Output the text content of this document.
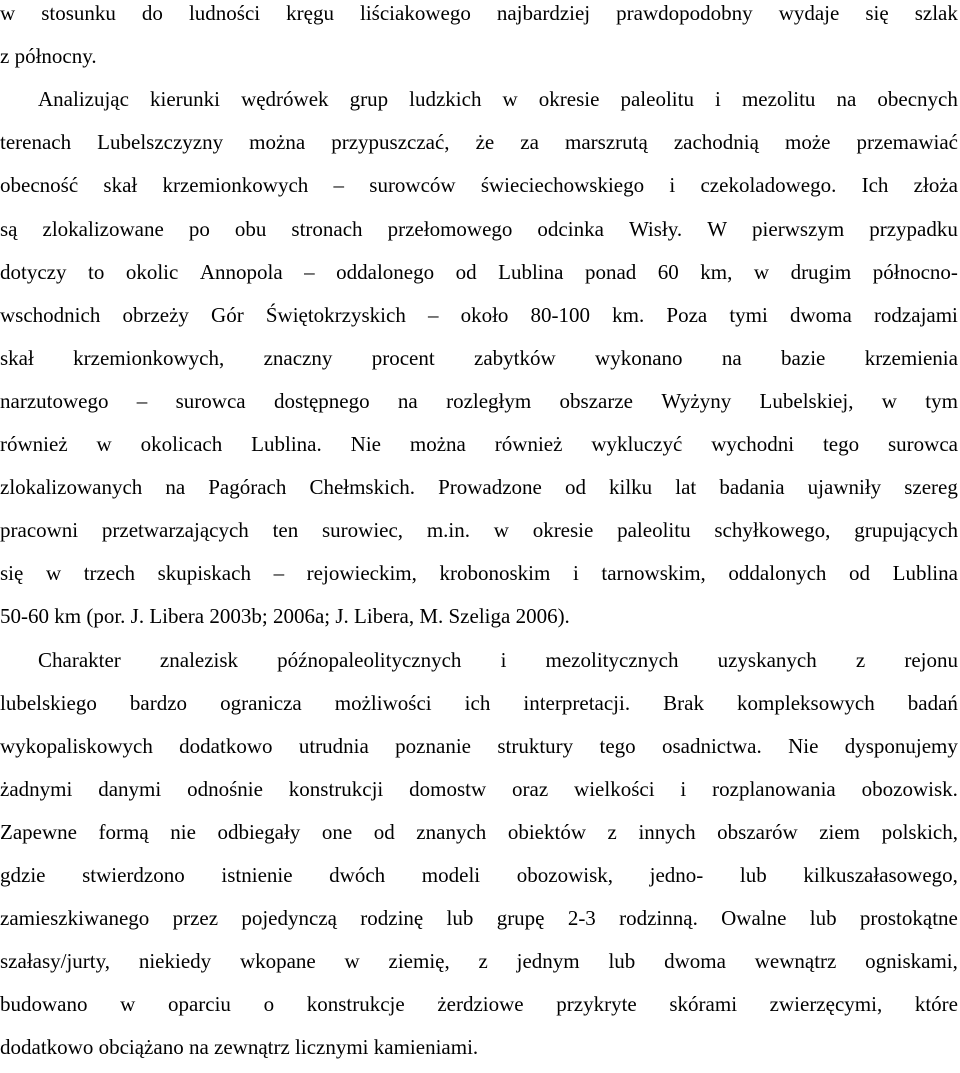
w stosunku do ludności kręgu liściakowego najbardziej prawdopodobny wydaje się szlak
z północny.
Analizując kierunki wędrówek grup ludzkich w okresie paleolitu i mezolitu na obecnych
terenach Lubelszczyzny można przypuszczać, że za marszrutą zachodnią może przemawiać
obecność skał krzemionkowych – surowców świeciechowskiego i czekoladowego. Ich złoża
są zlokalizowane po obu stronach przełomowego odcinka Wisły. W pierwszym przypadku
dotyczy to okolic Annopola – oddalonego od Lublina ponad 60 km, w drugim północno-
wschodnich obrzeży Gór Świętokrzyskich – około 80-100 km. Poza tymi dwoma rodzajami
skał krzemionkowych, znaczny procent zabytków wykonano na bazie krzemienia
narzutowego – surowca dostępnego na rozległym obszarze Wyżyny Lubelskiej, w tym
również w okolicach Lublina. Nie można również wykluczyć wychodni tego surowca
zlokalizowanych na Pagórach Chełmskich. Prowadzone od kilku lat badania ujawniły szereg
pracowni przetwarzających ten surowiec, m.in. w okresie paleolitu schyłkowego, grupujących
się w trzech skupiskach – rejowieckim, krobonoskim i tarnowskim, oddalonych od Lublina
50-60 km (por. J. Libera 2003b; 2006a; J. Libera, M. Szeliga 2006).
Charakter znalezisk późnopaleolitycznych i mezolitycznych uzyskanych z rejonu
lubelskiego bardzo ogranicza możliwości ich interpretacji. Brak kompleksowych badań
wykopaliskowych dodatkowo utrudnia poznanie struktury tego osadnictwa. Nie dysponujemy
żadnymi danymi odnośnie konstrukcji domostw oraz wielkości i rozplanowania obozowisk.
Zapewne formą nie odbiegały one od znanych obiektów z innych obszarów ziem polskich,
gdzie stwierdzono istnienie dwóch modeli obozowisk, jedno- lub kilkuszałasowego,
zamieszkiwanego przez pojedynczą rodzinę lub grupę 2-3 rodzinną. Owalne lub prostokątne
szałasy/jurty, niekiedy wkopane w ziemię, z jednym lub dwoma wewnątrz ogniskami,
budowano w oparciu o konstrukcje żerdziowe przykryte skórami zwierzęcymi, które
dodatkowo obciążano na zewnątrz licznymi kamieniami.
